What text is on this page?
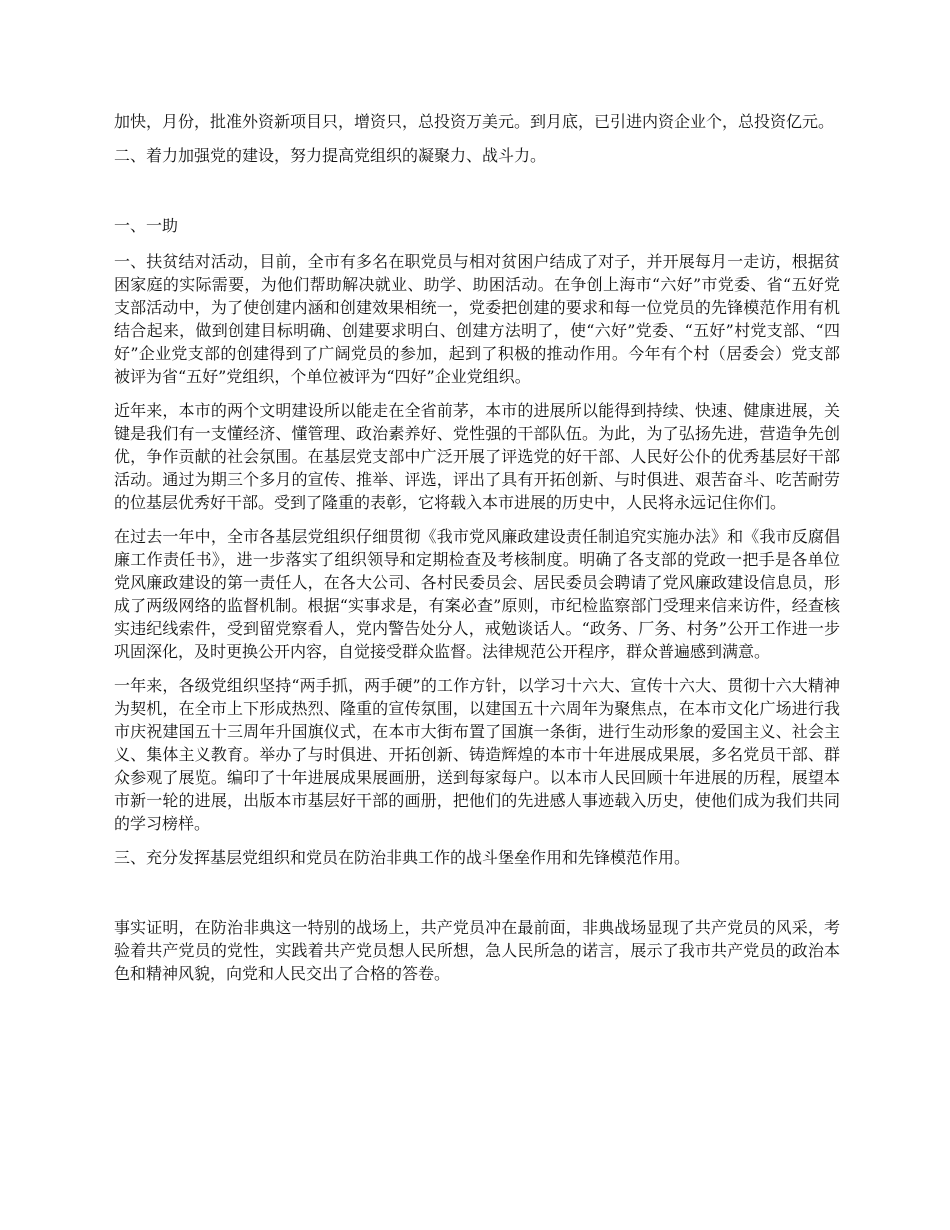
加快，月份，批准外资新项目只，增资只，总投资万美元。到月底，已引进内资企业个，总投资亿元。

二、着力加强党的建设，努力提高党组织的凝聚力、战斗力。

一、一助

一、扶贫结对活动，目前，全市有多名在职党员与相对贫困户结成了对子，并开展每月一走访，根据贫困家庭的实际需要，为他们帮助解决就业、助学、助困活动。在争创上海市“六好”市党委、省“五好党支部活动中，为了使创建内涵和创建效果相统一，党委把创建的要求和每一位党员的先锋模范作用有机结合起来，做到创建目标明确、创建要求明白、创建方法明了，使“六好”党委、“五好”村党支部、“四好”企业党支部的创建得到了广阔党员的参加，起到了积极的推动作用。今年有个村（居委会）党支部被评为省“五好”党组织，个单位被评为“四好”企业党组织。

近年来，本市的两个文明建设所以能走在全省前茅，本市的进展所以能得到持续、快速、健康进展，关键是我们有一支懂经济、懂管理、政治素养好、党性强的干部队伍。为此，为了弘扬先进，营造争先创优，争作贡献的社会氛围。在基层党支部中广泛开展了评选党的好干部、人民好公仆的优秀基层好干部活动。通过为期三个多月的宣传、推举、评选，评出了具有开拓创新、与时俱进、艰苦奋斗、吃苦耐劳的位基层优秀好干部。受到了隆重的表彰，它将载入本市进展的历史中，人民将永远记住你们。

在过去一年中，全市各基层党组织仔细贯彻《我市党风廉政建设责任制追究实施办法》和《我市反腐倡廉工作责任书》，进一步落实了组织领导和定期检查及考核制度。明确了各支部的党政一把手是各单位党风廉政建设的第一责任人，在各大公司、各村民委员会、居民委员会聘请了党风廉政建设信息员，形成了两级网络的监督机制。根据“实事求是，有案必查”原则，市纪检监察部门受理来信来访件，经查核实违纪线索件，受到留党察看人，党内警告处分人，戒勉谈话人。“政务、厂务、村务”公开工作进一步巩固深化，及时更换公开内容，自觉接受群众监督。法律规范公开程序，群众普遍感到满意。

一年来，各级党组织坚持“两手抓，两手硬”的工作方针，以学习十六大、宣传十六大、贯彻十六大精神为契机，在全市上下形成热烈、隆重的宣传氛围，以建国五十六周年为聚焦点，在本市文化广场进行我市庆祝建国五十三周年升国旗仪式，在本市大街布置了国旗一条街，进行生动形象的爱国主义、社会主义、集体主义教育。举办了与时俱进、开拓创新、铸造辉煌的本市十年进展成果展，多名党员干部、群众参观了展览。编印了十年进展成果展画册，送到每家每户。以本市人民回顾十年进展的历程，展望本市新一轮的进展，出版本市基层好干部的画册，把他们的先进感人事迹载入历史，使他们成为我们共同的学习榜样。

三、充分发挥基层党组织和党员在防治非典工作的战斗堡垒作用和先锋模范作用。

事实证明，在防治非典这一特别的战场上，共产党员冲在最前面，非典战场显现了共产党员的风采，考验着共产党员的党性，实践着共产党员想人民所想，急人民所急的诺言，展示了我市共产党员的政治本色和精神风貌，向党和人民交出了合格的答卷。
